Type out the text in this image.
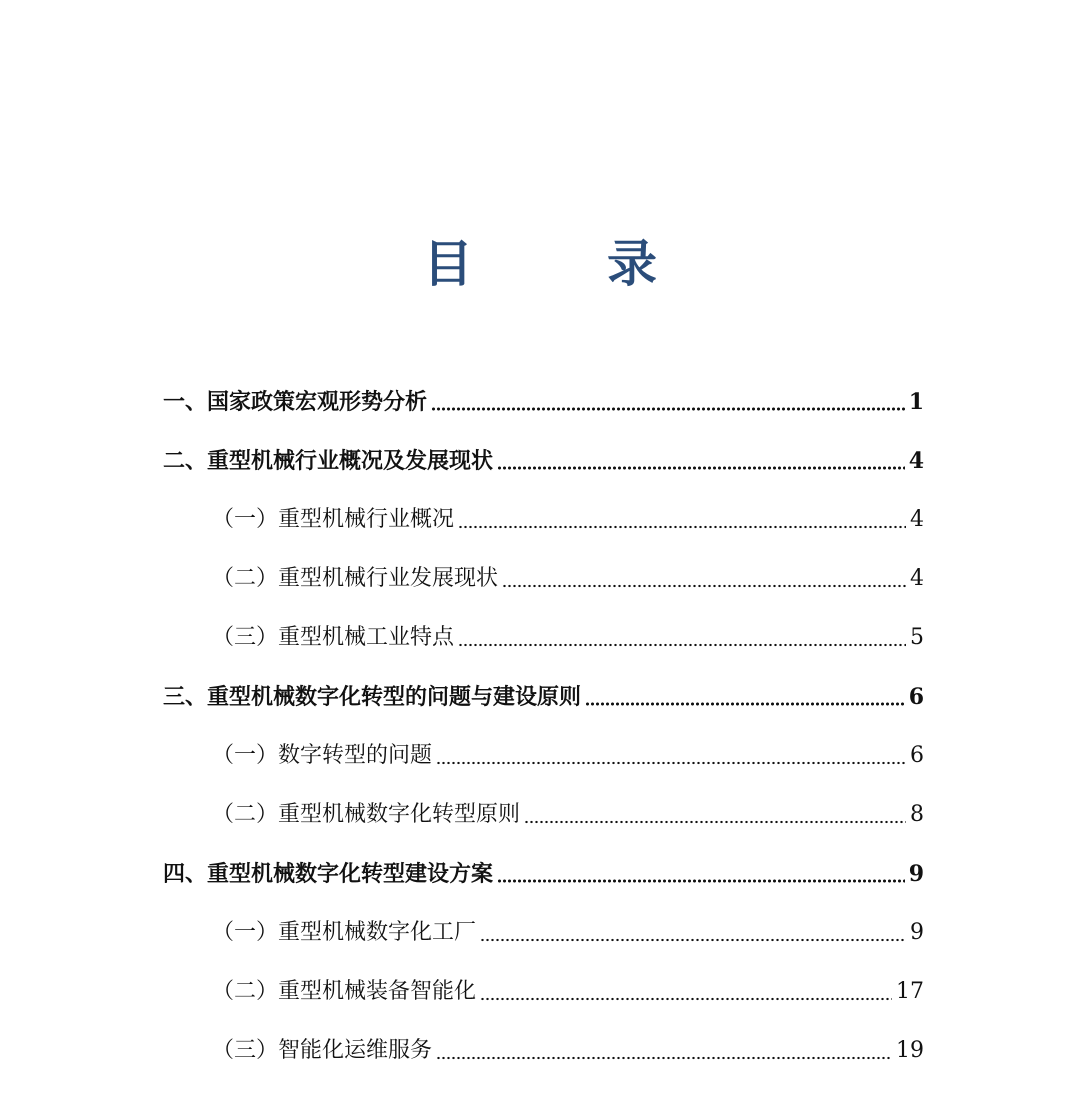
目　录
一、国家政策宏观形势分析	1
二、重型机械行业概况及发展现状	4
（一）重型机械行业概况	4
（二）重型机械行业发展现状	4
（三）重型机械工业特点	5
三、重型机械数字化转型的问题与建设原则	6
（一）数字转型的问题	6
（二）重型机械数字化转型原则	8
四、重型机械数字化转型建设方案	9
（一）重型机械数字化工厂	9
（二）重型机械装备智能化	17
（三）智能化运维服务	19
